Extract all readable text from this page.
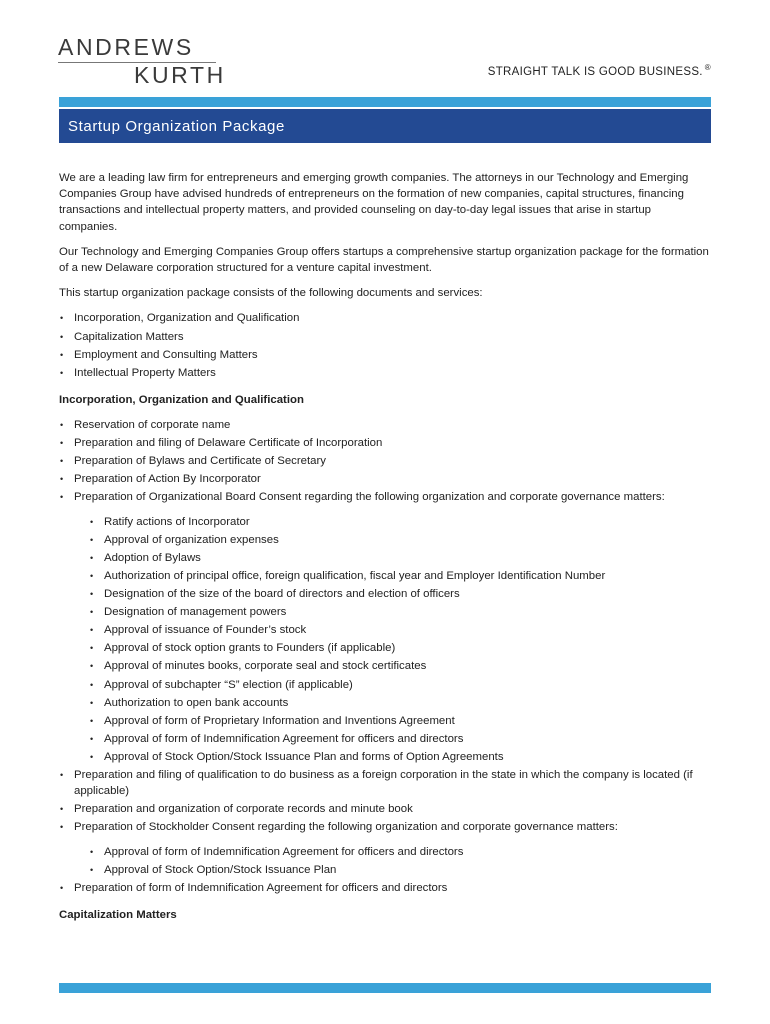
ANDREWS
KURTH	STRAIGHT TALK IS GOOD BUSINESS. ®
Startup Organization Package

We are a leading law firm for entrepreneurs and emerging growth companies. The attorneys in our Technology and Emerging Companies Group have advised hundreds of entrepreneurs on the formation of new companies, capital structures, financing transactions and intellectual property matters, and provided counseling on day-to-day legal issues that arise in startup companies.

Our Technology and Emerging Companies Group offers startups a comprehensive startup organization package for the formation of a new Delaware corporation structured for a venture capital investment.

This startup organization package consists of the following documents and services:

• Incorporation, Organization and Qualification
• Capitalization Matters
• Employment and Consulting Matters
• Intellectual Property Matters
Incorporation, Organization and Qualification
• Reservation of corporate name
• Preparation and filing of Delaware Certificate of Incorporation
• Preparation of Bylaws and Certificate of Secretary
• Preparation of Action By Incorporator
• Preparation of Organizational Board Consent regarding the following organization and corporate governance matters:
• Ratify actions of Incorporator
• Approval of organization expenses
• Adoption of Bylaws
• Authorization of principal office, foreign qualification, fiscal year and Employer Identification Number
• Designation of the size of the board of directors and election of officers
• Designation of management powers
• Approval of issuance of Founder’s stock
• Approval of stock option grants to Founders (if applicable)
• Approval of minutes books, corporate seal and stock certificates
• Approval of subchapter “S” election (if applicable)
• Authorization to open bank accounts
• Approval of form of Proprietary Information and Inventions Agreement
• Approval of form of Indemnification Agreement for officers and directors
• Approval of Stock Option/Stock Issuance Plan and forms of Option Agreements
• Preparation and filing of qualification to do business as a foreign corporation in the state in which the company is located (if applicable)
• Preparation and organization of corporate records and minute book
• Preparation of Stockholder Consent regarding the following organization and corporate governance matters:
• Approval of form of Indemnification Agreement for officers and directors
• Approval of Stock Option/Stock Issuance Plan
• Preparation of form of Indemnification Agreement for officers and directors
Capitalization Matters
